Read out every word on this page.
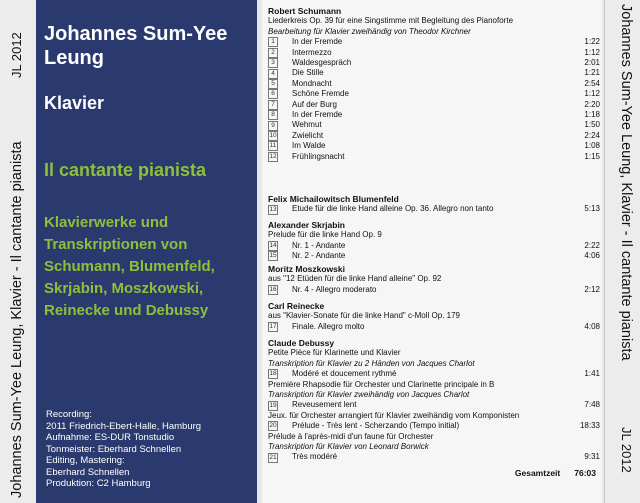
JL 2012
Johannes Sum-Yee Leung, Klavier - Il cantante pianista
Johannes Sum-Yee Leung
Klavier
Il cantante pianista
Klavierwerke und Transkriptionen von Schumann, Blumenfeld, Skrjabin, Moszkowski, Reinecke und Debussy
Recording:
2011 Friedrich-Ebert-Halle, Hamburg
Aufnahme: ES-DUR Tonstudio
Tonmeister: Eberhard Schnellen
Editing, Mastering:
Eberhard Schnellen
Produktion: C2 Hamburg
Robert Schumann
Liederkreis Op. 39 für eine Singstimme mit Begleitung des Pianoforte
Bearbeitung für Klavier zweihändig von Theodor Kirchner
1	In der Fremde	1:22
2	Intermezzo	1:12
3	Waldesgespräch	2:01
4	Die Stille	1:21
5	Mondnacht	2:54
6	Schöne Fremde	1:12
7	Auf der Burg	2:20
8	In der Fremde	1:18
9	Wehmut	1:50
10 Zwielicht	2:24
11 Im Walde	1:08
12 Frühlingsnacht	1:15
Felix Michailowitsch Blumenfeld
13 Etude für die linke Hand alleine Op. 36. Allegro non tanto	5:13
Alexander Skrjabin
Prelude für die linke Hand Op. 9
14 Nr. 1 - Andante	2:22
15 Nr. 2 - Andante	4:06
Moritz Moszkowski
aus "12 Etüden für die linke Hand alleine" Op. 92
16 Nr. 4 - Allegro moderato	2:12
Carl Reinecke
aus "Klavier-Sonate für die linke Hand" c-Moll Op. 179
17 Finale. Allegro molto	4:08
Claude Debussy
Petite Pièce für Klarinette und Klavier
Transkription für Klavier zu 2 Händen von Jacques Charlot
18 Modéré et doucement rythmé	1:41
Première Rhapsodie für Orchester und Clarinette principale in B
Transkription für Klavier zweihändig von Jacques Charlot
19 Reveusement lent	7:48
Jeux. für Orchester arrangiert für Klavier zweihändig vom Komponisten
20 Prélude - Très lent - Scherzando (Tempo initial)	18:33
Prélude à l'après-midi d'un faune für Orchester
Transkription für Klavier von Leonard Borwick
21 Très modéré	9:31
Gesamtzeit 76:03
Johannes Sum-Yee Leung, Klavier - Il cantante pianista
JL 2012
